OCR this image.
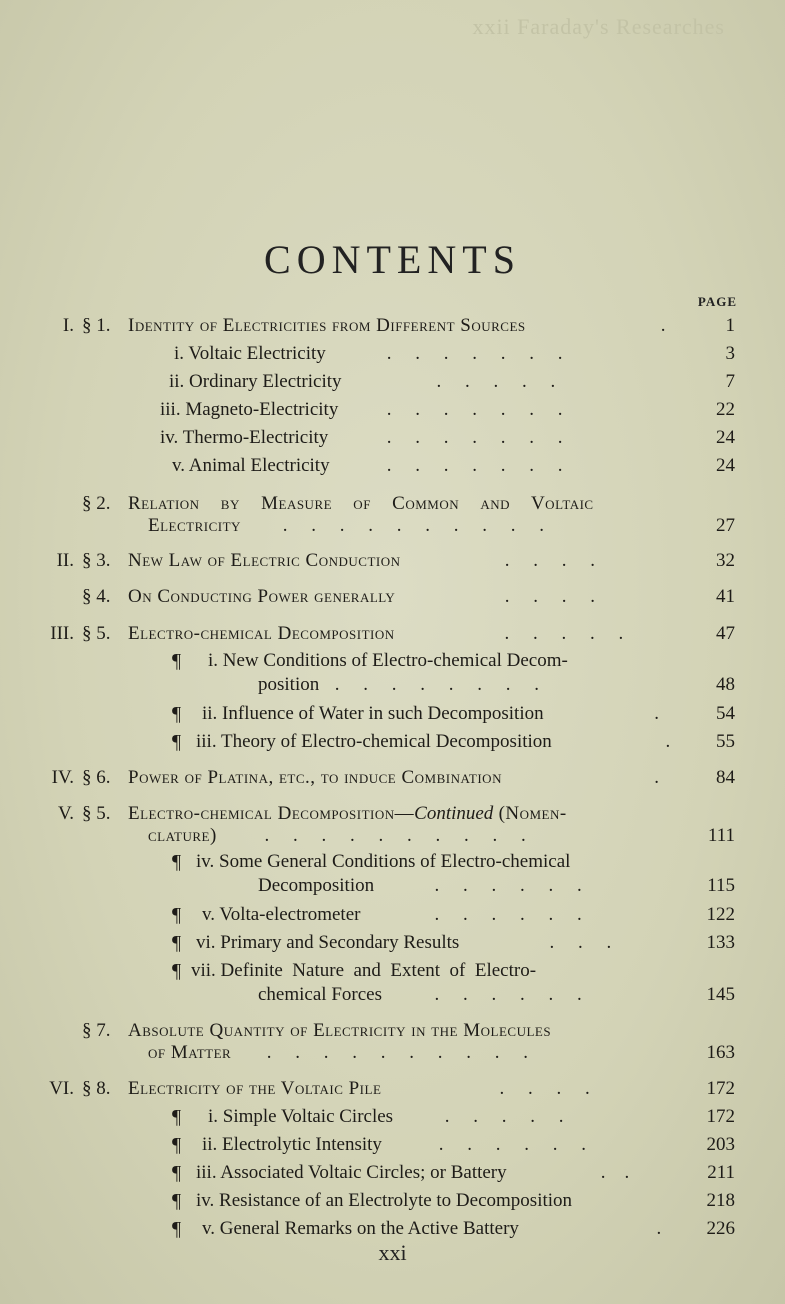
xxii Faraday's Researches
CONTENTS
PAGE
I. § 1. Identity of Electricities from Different Sources	.	1
i. Voltaic Electricity	.     .     .     .     .     .     .	3
ii. Ordinary Electricity	.     .     .     .     .	7
iii. Magneto-Electricity .     .     .     .     .     .     .	22
iv. Thermo-Electricity	.     .     .     .     .     .     .	24
v. Animal Electricity	.     .     .     .     .     .     .	24
§ 2. Relation by Measure of Common and Voltaic
Electricity .     .     .     .     .     .     .     .     .     .	27
II. § 3. New Law of Electric Conduction	.     .     .     .	32
§ 4. On Conducting Power generally	.     .     .     .	41
III. § 5. Electro-chemical Decomposition	.     .     .     .     .	47
¶ i. New Conditions of Electro-chemical Decom-
position .     .     .     .     .     .     .     .	48
¶ ii. Influence of Water in such Decomposition	.	54
¶ iii. Theory of Electro-chemical Decomposition	. 55
IV. § 6. Power of Platina, etc., to induce Combination	.	84
V. § 5. Electro-chemical Decomposition—Continued (Nomen-
clature) .     .     .     .     .     .     .     .     .     .	111
¶ iv. Some General Conditions of Electro-chemical
Decomposition .     .     .     .     .     .	115
¶ v. Volta-electrometer .     .     .     .     .     .	122
¶ vi. Primary and Secondary Results	.     .     .	133
¶ vii. Definite  Nature  and  Extent  of  Electro-
chemical Forces .     .     .     .     .     .	145
§ 7. Absolute Quantity of Electricity in the Molecules
of Matter .     .     .     .     .     .     .     .     .     .	163
VI. § 8. Electricity of the Voltaic Pile	.     .     .     .	172
¶ i. Simple Voltaic Circles .     .     .     .     .	172
¶ ii. Electrolytic Intensity	.     .     .     .     .     .	203
¶ iii. Associated Voltaic Circles; or Battery	.    .	211
¶ iv. Resistance of an Electrolyte to Decomposition	218
¶ v. General Remarks on the Active Battery	. 226
xxi
